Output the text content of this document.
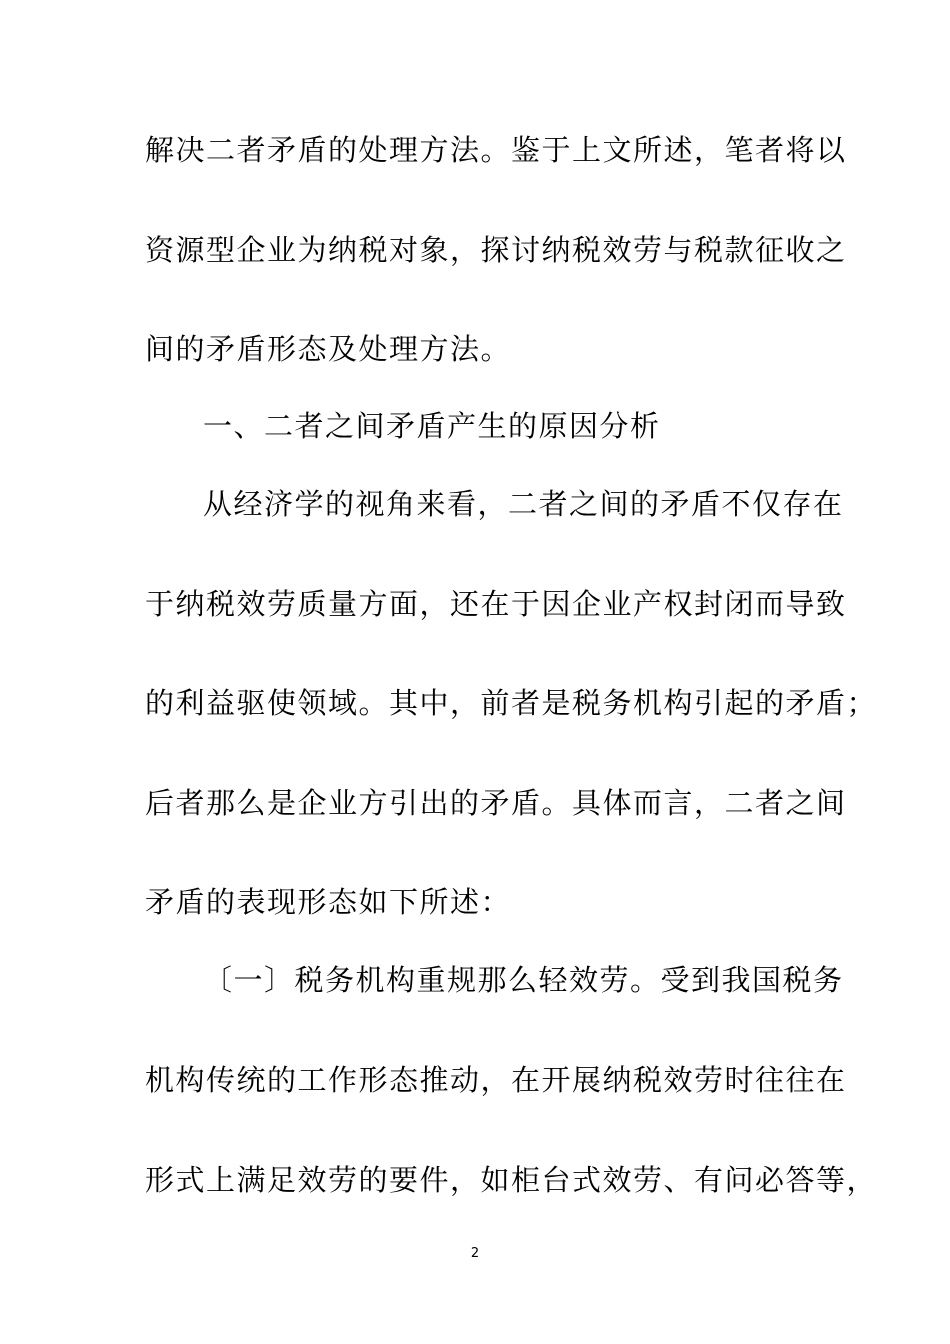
解决二者矛盾的处理方法。鉴于上文所述，笔者将以
资源型企业为纳税对象，探讨纳税效劳与税款征收之
间的矛盾形态及处理方法。
一、二者之间矛盾产生的原因分析
从经济学的视角来看，二者之间的矛盾不仅存在
于纳税效劳质量方面，还在于因企业产权封闭而导致
的利益驱使领域。其中，前者是税务机构引起的矛盾；
后者那么是企业方引出的矛盾。具体而言，二者之间
矛盾的表现形态如下所述：
〔一〕税务机构重规那么轻效劳。受到我国税务
机构传统的工作形态推动，在开展纳税效劳时往往在
形式上满足效劳的要件，如柜台式效劳、有问必答等，
2
